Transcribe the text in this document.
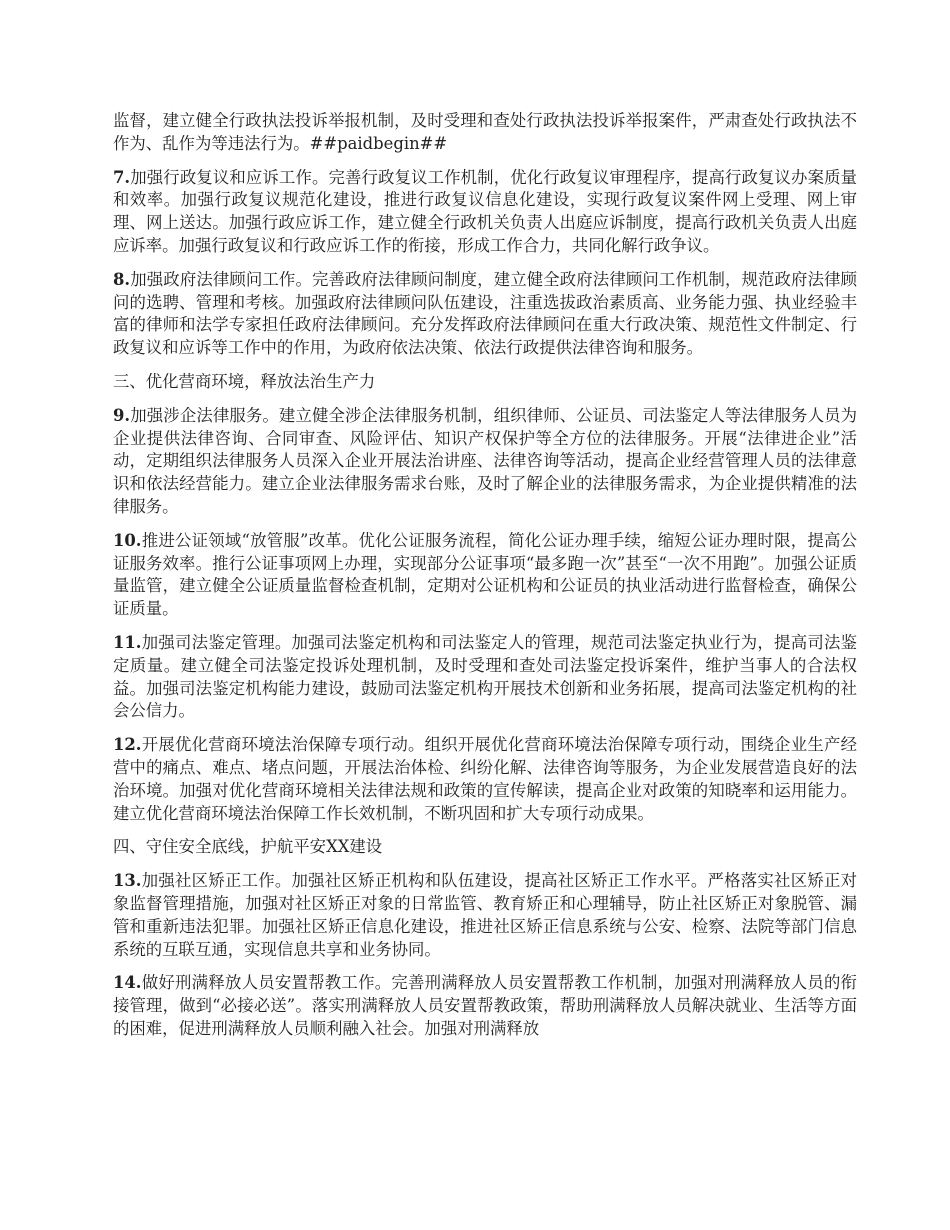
监督，建立健全行政执法投诉举报机制，及时受理和查处行政执法投诉举报案件，严肃查处行政执法不作为、乱作为等违法行为。##paidbegin##

7.加强行政复议和应诉工作。完善行政复议工作机制，优化行政复议审理程序，提高行政复议办案质量和效率。加强行政复议规范化建设，推进行政复议信息化建设，实现行政复议案件网上受理、网上审理、网上送达。加强行政应诉工作，建立健全行政机关负责人出庭应诉制度，提高行政机关负责人出庭应诉率。加强行政复议和行政应诉工作的衔接，形成工作合力，共同化解行政争议。

8.加强政府法律顾问工作。完善政府法律顾问制度，建立健全政府法律顾问工作机制，规范政府法律顾问的选聘、管理和考核。加强政府法律顾问队伍建设，注重选拔政治素质高、业务能力强、执业经验丰富的律师和法学专家担任政府法律顾问。充分发挥政府法律顾问在重大行政决策、规范性文件制定、行政复议和应诉等工作中的作用，为政府依法决策、依法行政提供法律咨询和服务。

三、优化营商环境，释放法治生产力

9.加强涉企法律服务。建立健全涉企法律服务机制，组织律师、公证员、司法鉴定人等法律服务人员为企业提供法律咨询、合同审查、风险评估、知识产权保护等全方位的法律服务。开展“法律进企业”活动，定期组织法律服务人员深入企业开展法治讲座、法律咨询等活动，提高企业经营管理人员的法律意识和依法经营能力。建立企业法律服务需求台账，及时了解企业的法律服务需求，为企业提供精准的法律服务。

10.推进公证领域“放管服”改革。优化公证服务流程，简化公证办理手续，缩短公证办理时限，提高公证服务效率。推行公证事项网上办理，实现部分公证事项“最多跑一次”甚至“一次不用跑”。加强公证质量监管，建立健全公证质量监督检查机制，定期对公证机构和公证员的执业活动进行监督检查，确保公证质量。

11.加强司法鉴定管理。加强司法鉴定机构和司法鉴定人的管理，规范司法鉴定执业行为，提高司法鉴定质量。建立健全司法鉴定投诉处理机制，及时受理和查处司法鉴定投诉案件，维护当事人的合法权益。加强司法鉴定机构能力建设，鼓励司法鉴定机构开展技术创新和业务拓展，提高司法鉴定机构的社会公信力。

12.开展优化营商环境法治保障专项行动。组织开展优化营商环境法治保障专项行动，围绕企业生产经营中的痛点、难点、堵点问题，开展法治体检、纠纷化解、法律咨询等服务，为企业发展营造良好的法治环境。加强对优化营商环境相关法律法规和政策的宣传解读，提高企业对政策的知晓率和运用能力。建立优化营商环境法治保障工作长效机制，不断巩固和扩大专项行动成果。

四、守住安全底线，护航平安XX建设

13.加强社区矫正工作。加强社区矫正机构和队伍建设，提高社区矫正工作水平。严格落实社区矫正对象监督管理措施，加强对社区矫正对象的日常监管、教育矫正和心理辅导，防止社区矫正对象脱管、漏管和重新违法犯罪。加强社区矫正信息化建设，推进社区矫正信息系统与公安、检察、法院等部门信息系统的互联互通，实现信息共享和业务协同。

14.做好刑满释放人员安置帮教工作。完善刑满释放人员安置帮教工作机制，加强对刑满释放人员的衔接管理，做到“必接必送”。落实刑满释放人员安置帮教政策，帮助刑满释放人员解决就业、生活等方面的困难，促进刑满释放人员顺利融入社会。加强对刑满释放
